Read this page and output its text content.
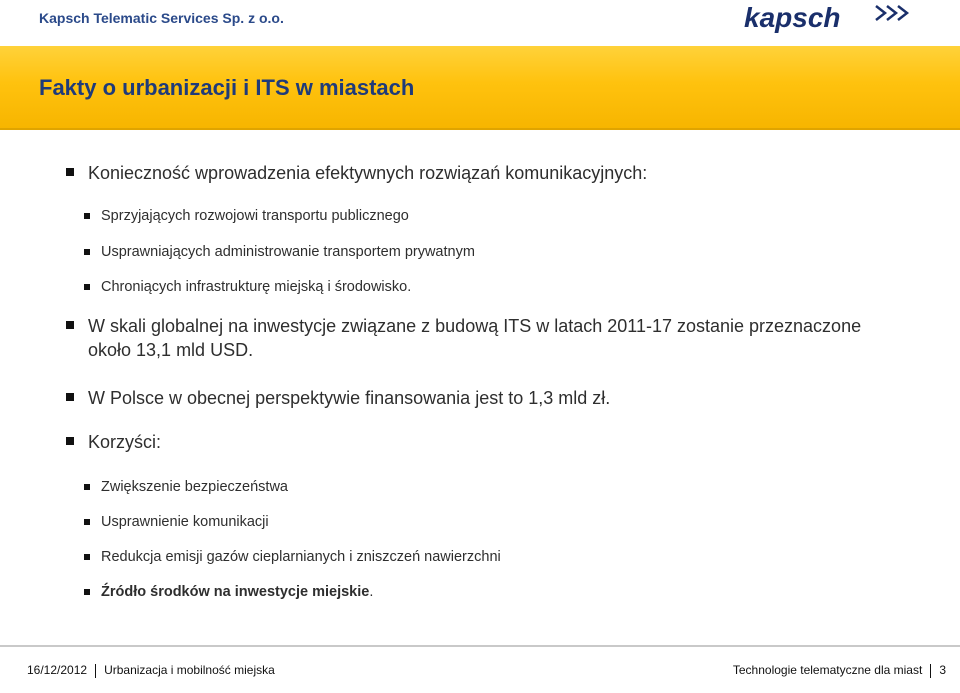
Kapsch Telematic Services Sp. z o.o.	kapsch
Fakty o urbanizacji i ITS w miastach
Konieczność wprowadzenia efektywnych rozwiązań komunikacyjnych:
Sprzyjających rozwojowi transportu publicznego
Usprawniających administrowanie transportem prywatnym
Chroniących infrastrukturę miejską i środowisko.
W skali globalnej na inwestycje związane z budową ITS w latach 2011-17 zostanie przeznaczone około 13,1 mld USD.
W Polsce w obecnej perspektywie finansowania jest to 1,3 mld zł.
Korzyści:
Zwiększenie bezpieczeństwa
Usprawnienie komunikacji
Redukcja emisji gazów cieplarnianych i zniszczeń nawierzchni
Źródło środków na inwestycje miejskie.
16/12/2012 Urbanizacja i mobilność miejska	Technologie telematyczne dla miast 3
